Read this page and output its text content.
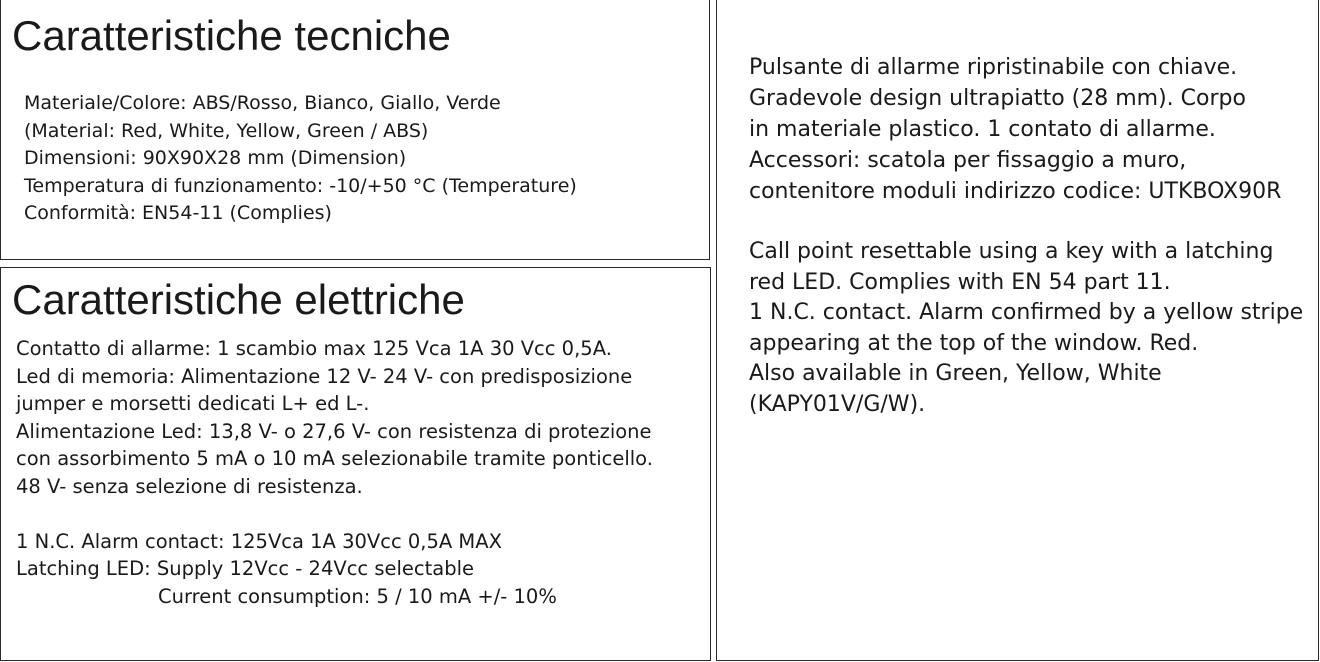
Caratteristiche tecniche
Materiale/Colore: ABS/Rosso, Bianco, Giallo, Verde
(Material: Red, White, Yellow, Green / ABS)
Dimensioni: 90X90X28 mm (Dimension)
Temperatura di funzionamento: -10/+50 °C (Temperature)
Conformità: EN54-11 (Complies)
Caratteristiche elettriche
Contatto di allarme: 1 scambio max 125 Vca 1A 30 Vcc 0,5A.
Led di memoria: Alimentazione 12 V- 24 V- con predisposizione
jumper e morsetti dedicati L+ ed L-.
Alimentazione Led: 13,8 V- o 27,6 V- con resistenza di protezione
con assorbimento 5 mA o 10 mA selezionabile tramite ponticello.
48 V- senza selezione di resistenza.
1 N.C. Alarm contact: 125Vca 1A 30Vcc 0,5A MAX
Latching LED: Supply 12Vcc - 24Vcc selectable
Current consumption: 5 / 10 mA +/- 10%
Pulsante di allarme ripristinabile con chiave.
Gradevole design ultrapiatto (28 mm). Corpo
in materiale plastico. 1 contato di allarme.
Accessori: scatola per fissaggio a muro,
contenitore moduli indirizzo codice: UTKBOX90R
Call point resettable using a key with a latching
red LED. Complies with EN 54 part 11.
1 N.C. contact. Alarm confirmed by a yellow stripe
appearing at the top of the window. Red.
Also available in Green, Yellow, White
(KAPY01V/G/W).
